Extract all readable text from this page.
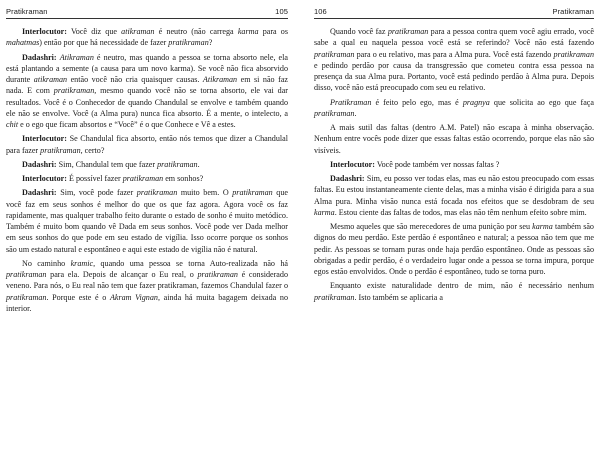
Pratikraman	105

Interlocutor: Você diz que atikraman é neutro (não carrega karma para os mahatmas) então por que há necessidade de fazer pratikraman?

Dadashri: Atikraman é neutro, mas quando a pessoa se torna absorto nele, ela está plantando a semente (a causa para um novo karma). Se você não fica absorvido durante atikraman então você não cria quaisquer causas. Atikraman em si não faz nada. E com pratikraman, mesmo quando você não se torna absorto, ele vai dar resultados. Você é o Conhecedor de quando Chandulal se envolve e também quando ele não se envolve. Você (a Alma pura) nunca fica absorto. É a mente, o intelecto, a chit e o ego que ficam absortos e “Você” é o que Conhece e Vê a estes.

Interlocutor: Se Chandulal fica absorto, então nós temos que dizer a Chandulal para fazer pratikraman, certo?

Dadashri: Sim, Chandulal tem que fazer pratikraman.

Interlocutor: É possível fazer pratikraman em sonhos?

Dadashri: Sim, você pode fazer pratikraman muito bem. O pratikraman que você faz em seus sonhos é melhor do que os que faz agora. Agora você os faz rapidamente, mas qualquer trabalho feito durante o estado de sonho é muito metódico. Também é muito bom quando vê Dada em seus sonhos. Você pode ver Dada melhor em seus sonhos do que pode em seu estado de vigília. Isso ocorre porque os sonhos são um estado natural e espontâneo e aqui este estado de vigília não é natural.

No caminho kramic, quando uma pessoa se torna Auto-realizada não há pratikraman para ela. Depois de alcançar o Eu real, o pratikraman é considerado veneno. Para nós, o Eu real não tem que fazer pratikraman, fazemos Chandulal fazer o pratikraman. Porque este é o Akram Vignan, ainda há muita bagagem deixada no interior.

106	Pratikraman

Quando você faz pratikraman para a pessoa contra quem você agiu errado, você sabe a qual eu naquela pessoa você está se referindo? Você não está fazendo pratikraman para o eu relativo, mas para a Alma pura. Você está fazendo pratikraman e pedindo perdão por causa da transgressão que cometeu contra essa pessoa na presença da sua Alma pura. Portanto, você está pedindo perdão à Alma pura. Depois disso, você não está preocupado com seu eu relativo.

Pratikraman é feito pelo ego, mas é pragnya que solicita ao ego que faça pratikraman.

A mais sutil das faltas (dentro A.M. Patel) não escapa à minha observação. Nenhum entre vocês pode dizer que essas faltas estão ocorrendo, porque elas não são visíveis.

Interlocutor: Você pode também ver nossas faltas ?

Dadashri: Sim, eu posso ver todas elas, mas eu não estou preocupado com essas faltas. Eu estou instantaneamente ciente delas, mas a minha visão é dirigida para a sua Alma pura. Minha visão nunca está focada nos efeitos que se desdobram de seu karma. Estou ciente das faltas de todos, mas elas não têm nenhum efeito sobre mim.

Mesmo aqueles que são merecedores de uma punição por seu karma também são dignos do meu perdão. Este perdão é espontâneo e natural; a pessoa não tem que me pedir. As pessoas se tornam puras onde haja perdão espontâneo. Onde as pessoas são obrigadas a pedir perdão, é o verdadeiro lugar onde a pessoa se torna impura, porque egos estão envolvidos. Onde o perdão é espontâneo, tudo se torna puro.

Enquanto existe naturalidade dentro de mim, não é necessário nenhum pratikraman. Isto também se aplicaria a
